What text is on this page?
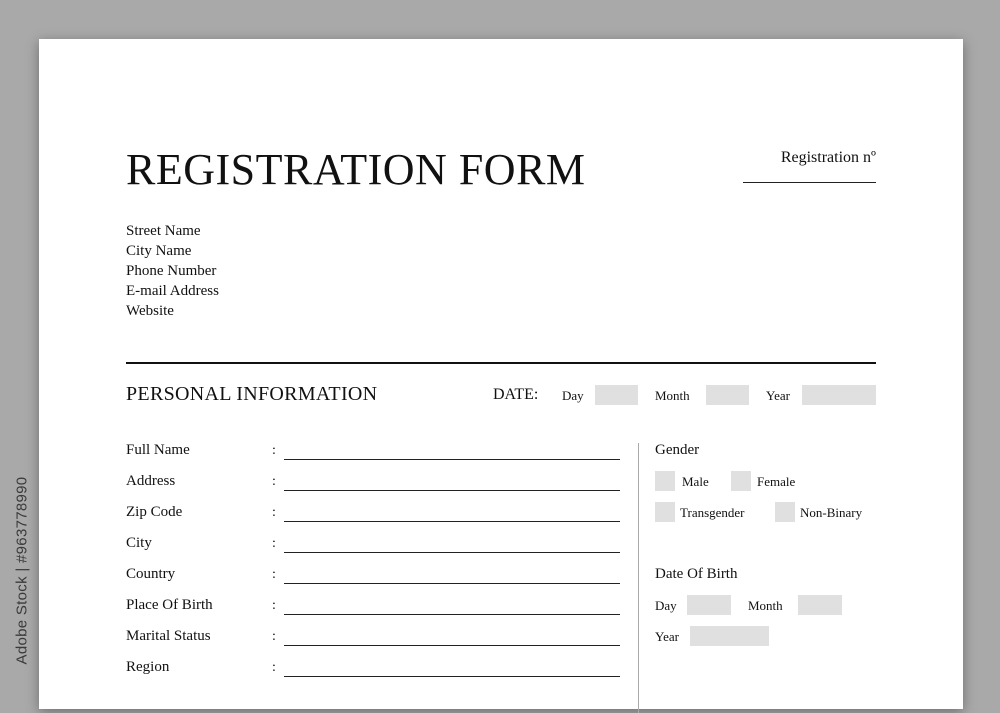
Adobe Stock | #963778990
REGISTRATION FORM	Registration nº
Street Name
City Name
Phone Number
E-mail Address
Website
PERSONAL INFORMATION	DATE: Day	Month	Year
Full Name	:
Address	:
Zip Code	:
City	:
Country	:
Place Of Birth	:
Marital Status	:
Region	:
Gender
Male	Female
Transgender	Non-Binary
Date Of Birth
Day	Month
Year
